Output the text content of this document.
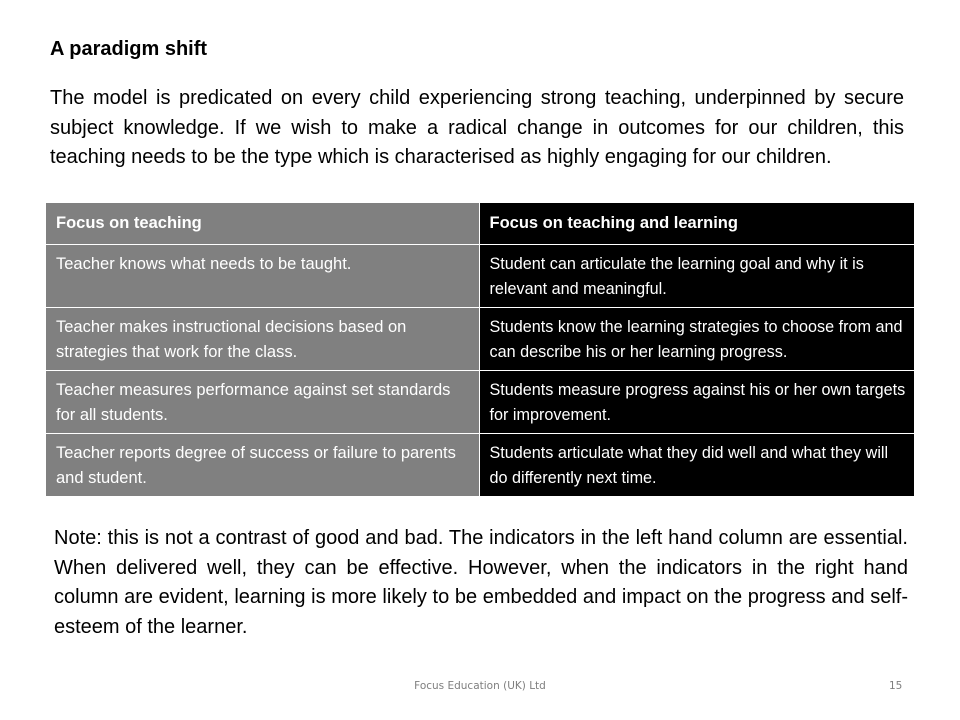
A paradigm shift

The model is predicated on every child experiencing strong teaching, underpinned by secure subject knowledge. If we wish to make a radical change in outcomes for our children, this teaching needs to be the type which is characterised as highly engaging for our children.

Focus on teaching	Focus on teaching and learning
Teacher knows what needs to be taught.	Student can articulate the learning goal and why it is relevant and meaningful.
Teacher makes instructional decisions based on strategies that work for the class.	Students know the learning strategies to choose from and can describe his or her learning progress.
Teacher measures performance against set standards for all students.	Students measure progress against his or her own targets for improvement.
Teacher reports degree of success or failure to parents and student.	Students articulate what they did well and what they will do differently next time.

Note: this is not a contrast of good and bad. The indicators in the left hand column are essential. When delivered well, they can be effective. However, when the indicators in the right hand column are evident, learning is more likely to be embedded and impact on the progress and self-esteem of the learner.

Focus Education (UK) Ltd	15
